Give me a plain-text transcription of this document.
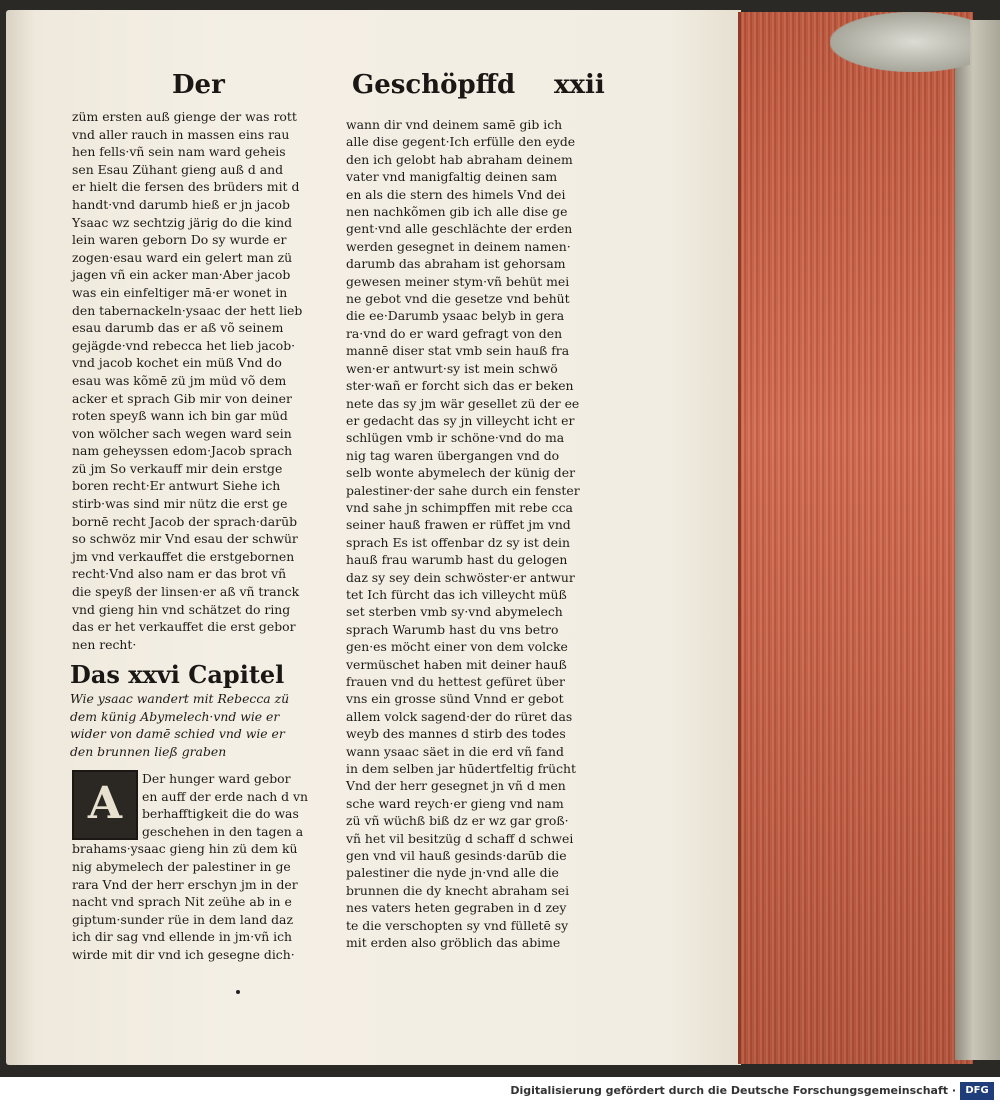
Der	Geschöpffd xxii
züm ersten auß gienge der was rott
vnd aller rauch in massen eins rau
hen fells·vñ sein nam ward geheis
sen Esau Zühant gieng auß d and
er hielt die fersen des brüders mit d
handt·vnd darumb hieß er jn jacob
Ysaac wz sechtzig järig do die kind
lein waren geborn Do sy wurde er
zogen·esau ward ein gelert man zü
jagen vñ ein acker man·Aber jacob
was ein einfeltiger mā·er wonet in
den tabernackeln·ysaac der hett lieb
esau darumb das er aß võ seinem
gejägde·vnd rebecca het lieb jacob·
vnd jacob kochet ein müß Vnd do
esau was kõmē zü jm müd võ dem
acker et sprach Gib mir von deiner
roten speyß wann ich bin gar müd
von wölcher sach wegen ward sein
nam geheyssen edom·Jacob sprach
zü jm So verkauff mir dein erstge
boren recht·Er antwurt Siehe ich
stirb·was sind mir nütz die erst ge
bornē recht Jacob der sprach·darūb
so schwöz mir Vnd esau der schwür
jm vnd verkauffet die erstgebornen
recht·Vnd also nam er das brot vñ
die speyß der linsen·er aß vñ tranck
vnd gieng hin vnd schätzet do ring
das er het verkauffet die erst gebor
nen recht·
Das xxvi Capitel
Wie ysaac wandert mit Rebecca zü
dem künig Abymelech·vnd wie er
wider von damē schied vnd wie er
den brunnen ließ graben
Der hunger ward gebor
en auff der erde nach d vn
berhafftigkeit die do was
geschehen in den tagen a
brahams·ysaac gieng hin zü dem kü
nig abymelech der palestiner in ge
rara Vnd der herr erschyn jm in der
nacht vnd sprach Nit zeühe ab in e
giptum·sunder rüe in dem land daz
ich dir sag vnd ellende in jm·vñ ich
wirde mit dir vnd ich gesegne dich·
A
wann dir vnd deinem samē gib ich
alle dise gegent·Ich erfülle den eyde
den ich gelobt hab abraham deinem
vater vnd manigfaltig deinen sam
en als die stern des himels Vnd dei
nen nachkõmen gib ich alle dise ge
gent·vnd alle geschlächte der erden
werden gesegnet in deinem namen·
darumb das abraham ist gehorsam
gewesen meiner stym·vñ behüt mei
ne gebot vnd die gesetze vnd behüt
die ee·Darumb ysaac belyb in gera
ra·vnd do er ward gefragt von den
mannē diser stat vmb sein hauß fra
wen·er antwurt·sy ist mein schwö
ster·wañ er forcht sich das er beken
nete das sy jm wär gesellet zü der ee
er gedacht das sy jn villeycht icht er
schlügen vmb ir schöne·vnd do ma
nig tag waren übergangen vnd do
selb wonte abymelech der künig der
palestiner·der sahe durch ein fenster
vnd sahe jn schimpffen mit rebe cca
seiner hauß frawen er rüffet jm vnd
sprach Es ist offenbar dz sy ist dein
hauß frau warumb hast du gelogen
daz sy sey dein schwöster·er antwur
tet Ich fürcht das ich villeycht müß
set sterben vmb sy·vnd abymelech
sprach Warumb hast du vns betro
gen·es möcht einer von dem volcke
vermüschet haben mit deiner hauß
frauen vnd du hettest gefüret über
vns ein grosse sünd Vnnd er gebot
allem volck sagend·der do rüret das
weyb des mannes d stirb des todes
wann ysaac säet in die erd vñ fand
in dem selben jar hūdertfeltig frücht
Vnd der herr gesegnet jn vñ d men
sche ward reych·er gieng vnd nam
zü vñ wüchß biß dz er wz gar groß·
vñ het vil besitzüg d schaff d schwei
gen vnd vil hauß gesinds·darūb die
palestiner die nyde jn·vnd alle die
brunnen die dy knecht abraham sei
nes vaters heten gegraben in d zey
te die verschopten sy vnd fülletē sy
mit erden also gröblich das abime
Digitalisierung gefördert durch die Deutsche Forschungsgemeinschaft · DFG
